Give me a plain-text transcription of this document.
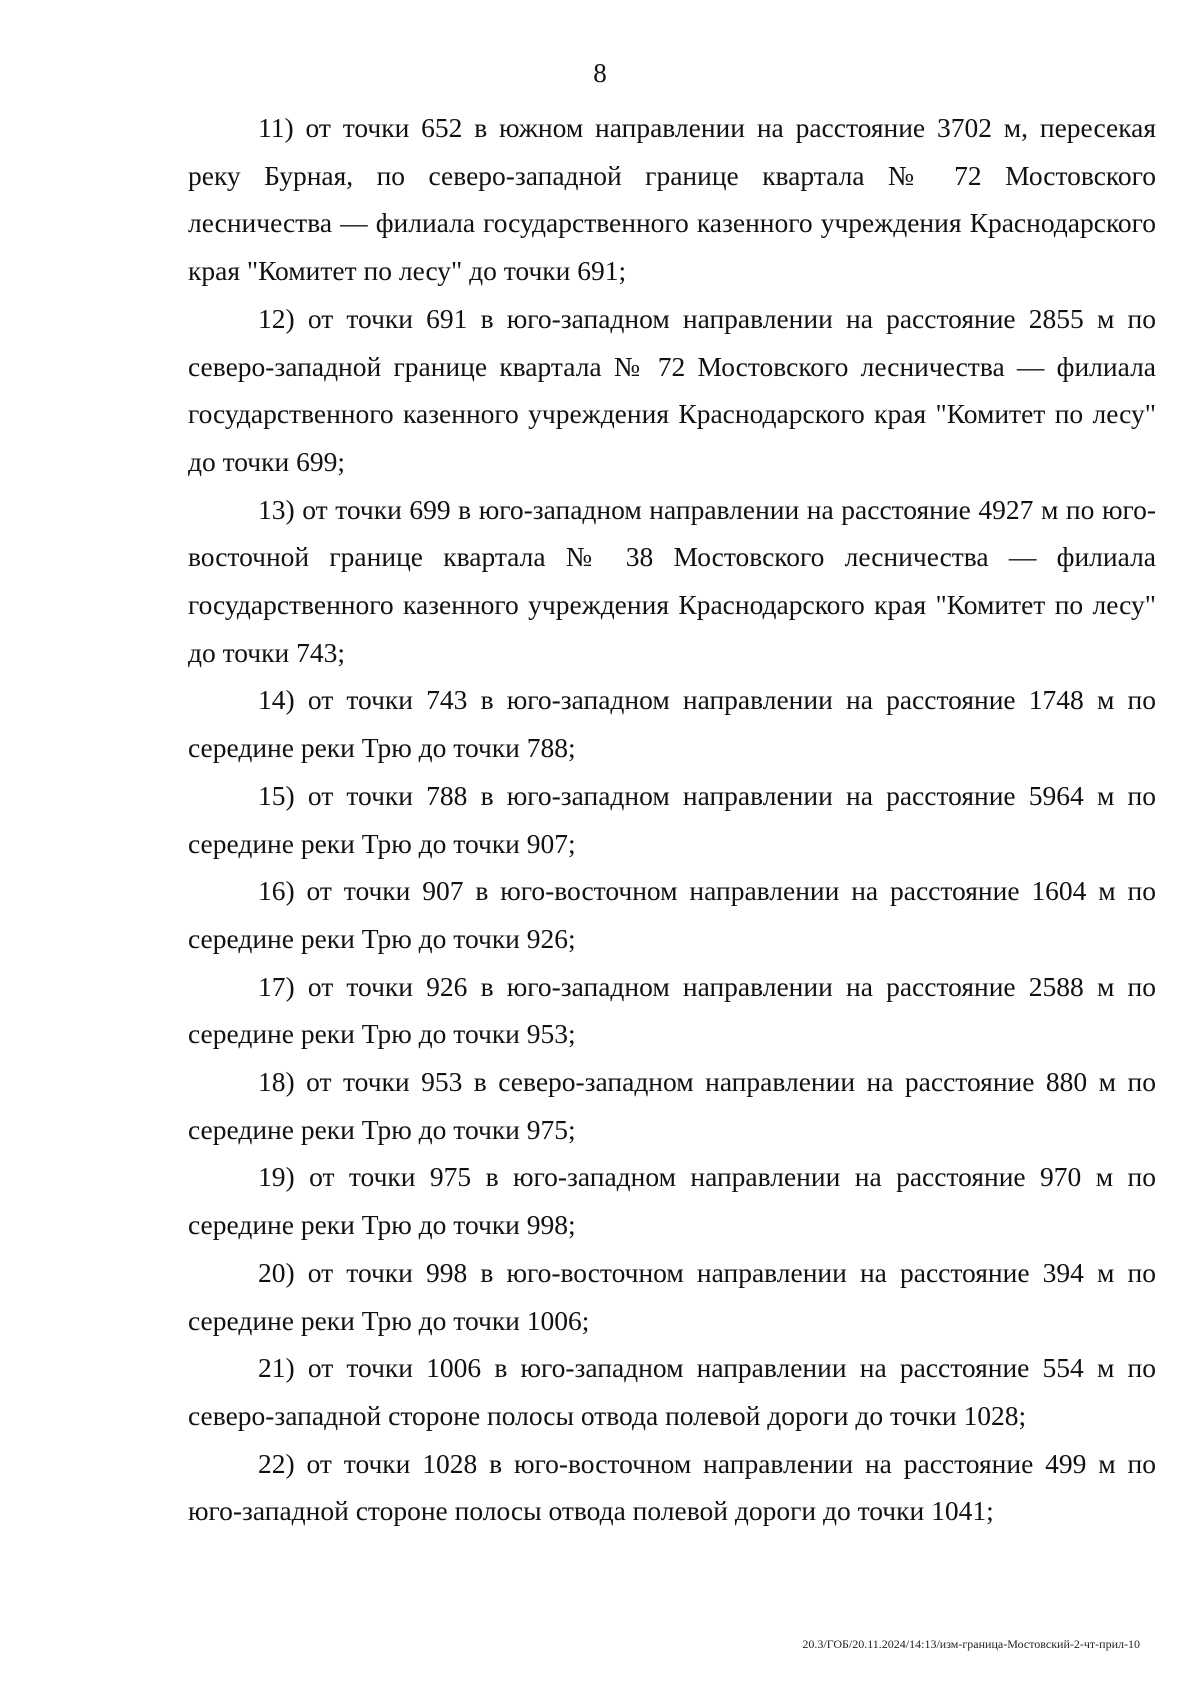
8

11) от точки 652 в южном направлении на расстояние 3702 м, пересекая реку Бурная, по северо-западной границе квартала № 72 Мостовского лесничества — филиала государственного казенного учреждения Краснодарского края "Комитет по лесу" до точки 691;

12) от точки 691 в юго-западном направлении на расстояние 2855 м по северо-западной границе квартала № 72 Мостовского лесничества — филиала государственного казенного учреждения Краснодарского края "Комитет по лесу" до точки 699;

13) от точки 699 в юго-западном направлении на расстояние 4927 м по юго-восточной границе квартала № 38 Мостовского лесничества — филиала государственного казенного учреждения Краснодарского края "Комитет по лесу" до точки 743;

14) от точки 743 в юго-западном направлении на расстояние 1748 м по середине реки Трю до точки 788;

15) от точки 788 в юго-западном направлении на расстояние 5964 м по середине реки Трю до точки 907;

16) от точки 907 в юго-восточном направлении на расстояние 1604 м по середине реки Трю до точки 926;

17) от точки 926 в юго-западном направлении на расстояние 2588 м по середине реки Трю до точки 953;

18) от точки 953 в северо-западном направлении на расстояние 880 м по середине реки Трю до точки 975;

19) от точки 975 в юго-западном направлении на расстояние 970 м по середине реки Трю до точки 998;

20) от точки 998 в юго-восточном направлении на расстояние 394 м по середине реки Трю до точки 1006;

21) от точки 1006 в юго-западном направлении на расстояние 554 м по северо-западной стороне полосы отвода полевой дороги до точки 1028;

22) от точки 1028 в юго-восточном направлении на расстояние 499 м по юго-западной стороне полосы отвода полевой дороги до точки 1041;

20.3/ГОБ/20.11.2024/14:13/изм-граница-Мостовский-2-чт-прил-10
